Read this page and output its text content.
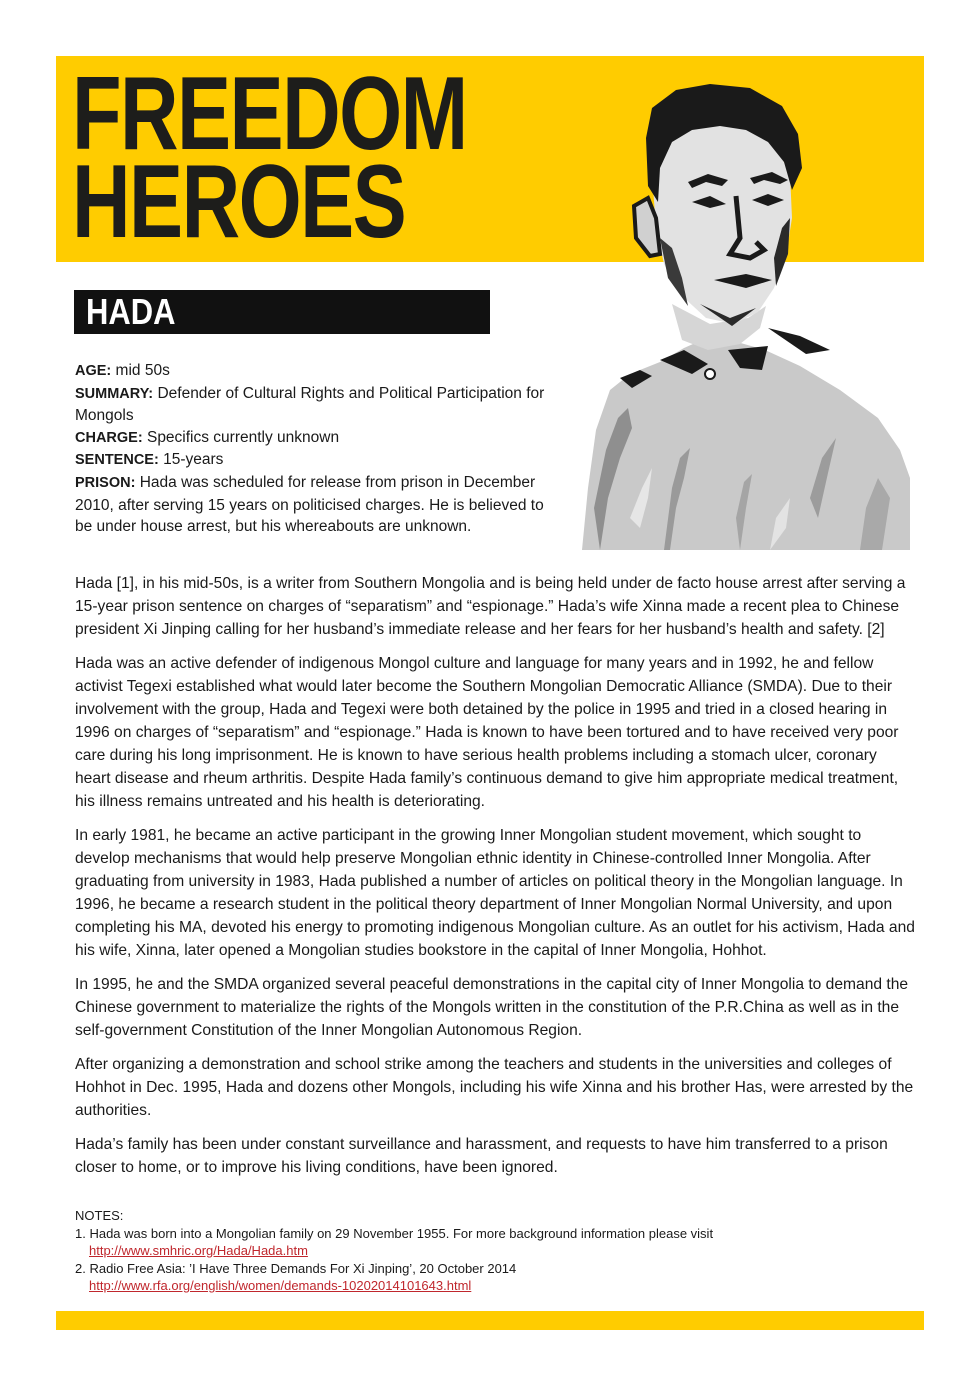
FREEDOM
HEROES
HADA
AGE: mid 50s
SUMMARY: Defender of Cultural Rights and Political Participation for Mongols
CHARGE: Specifics currently unknown
SENTENCE: 15-years
PRISON: Hada was scheduled for release from prison in December 2010, after serving 15 years on politicised charges. He is believed to be under house arrest, but his whereabouts are unknown.

Hada [1], in his mid-50s, is a writer from Southern Mongolia and is being held under de facto house arrest after serving a 15-year prison sentence on charges of “separatism” and “espionage.” Hada’s wife Xinna made a recent plea to Chinese president Xi Jinping calling for her husband’s immediate release and her fears for her husband’s health and safety. [2]

Hada was an active defender of indigenous Mongol culture and language for many years and in 1992, he and fellow activist Tegexi established what would later become the Southern Mongolian Democratic Alliance (SMDA). Due to their involvement with the group, Hada and Tegexi were both detained by the police in 1995 and tried in a closed hearing in 1996 on charges of “separatism” and “espionage.” Hada is known to have been tortured and to have received very poor care during his long imprisonment. He is known to have serious health problems including a stomach ulcer, coronary heart disease and rheum arthritis. Despite Hada family’s continuous demand to give him appropriate medical treatment, his illness remains untreated and his health is deteriorating.

In early 1981, he became an active participant in the growing Inner Mongolian student movement, which sought to develop mechanisms that would help preserve Mongolian ethnic identity in Chinese-controlled Inner Mongolia. After graduating from university in 1983, Hada published a number of articles on political theory in the Mongolian language. In 1996, he became a research student in the political theory department of Inner Mongolian Normal University, and upon completing his MA, devoted his energy to promoting indigenous Mongolian culture. As an outlet for his activism, Hada and his wife, Xinna, later opened a Mongolian studies bookstore in the capital of Inner Mongolia, Hohhot.

In 1995, he and the SMDA organized several peaceful demonstrations in the capital city of Inner Mongolia to demand the Chinese government to materialize the rights of the Mongols written in the constitution of the P.R.China as well as in the self-government Constitution of the Inner Mongolian Autonomous Region.

After organizing a demonstration and school strike among the teachers and students in the universities and colleges of Hohhot in Dec. 1995, Hada and dozens other Mongols, including his wife Xinna and his brother Has, were arrested by the authorities.

Hada’s family has been under constant surveillance and harassment, and requests to have him transferred to a prison closer to home, or to improve his living conditions, have been ignored.

NOTES:
1. Hada was born into a Mongolian family on 29 November 1955. For more background information please visit
http://www.smhric.org/Hada/Hada.htm
2. Radio Free Asia: ’I Have Three Demands For Xi Jinping’, 20 October 2014
http://www.rfa.org/english/women/demands-10202014101643.html
